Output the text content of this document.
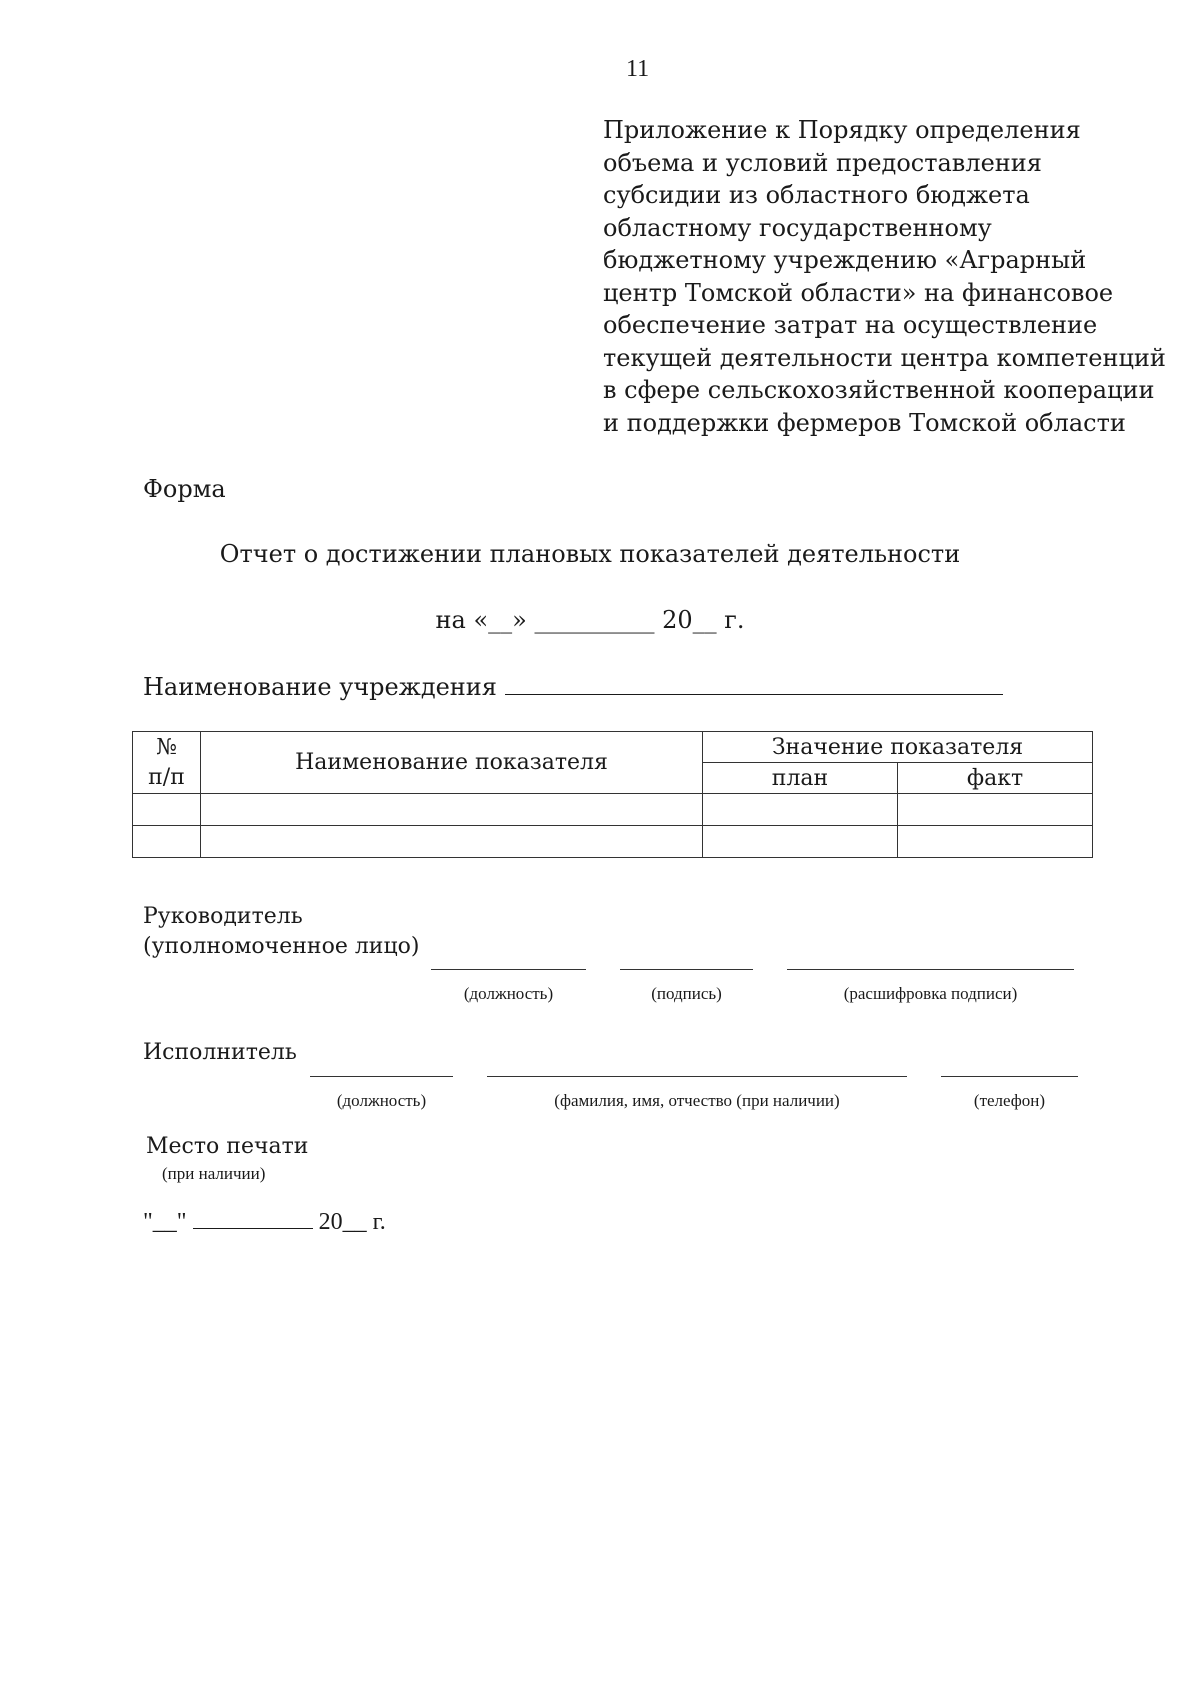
11
Приложение к Порядку определения
объема и условий предоставления
субсидии из областного бюджета
областному государственному
бюджетному учреждению «Аграрный
центр Томской области» на финансовое
обеспечение затрат на осуществление
текущей деятельности центра компетенций
в сфере сельскохозяйственной кооперации
и поддержки фермеров Томской области
Форма
Отчет о достижении плановых показателей деятельности
на «__» __________ 20__ г.
Наименование учреждения
№
п/п	Наименование показателя	Значение показателя	
		план	факт

Руководитель
(уполномоченное лицо)
(должность)	(подпись)	(расшифровка подписи)
Исполнитель
(должность)	(фамилия, имя, отчество (при наличии)	(телефон)
Место печати
(при наличии)
"__"	20__ г.
